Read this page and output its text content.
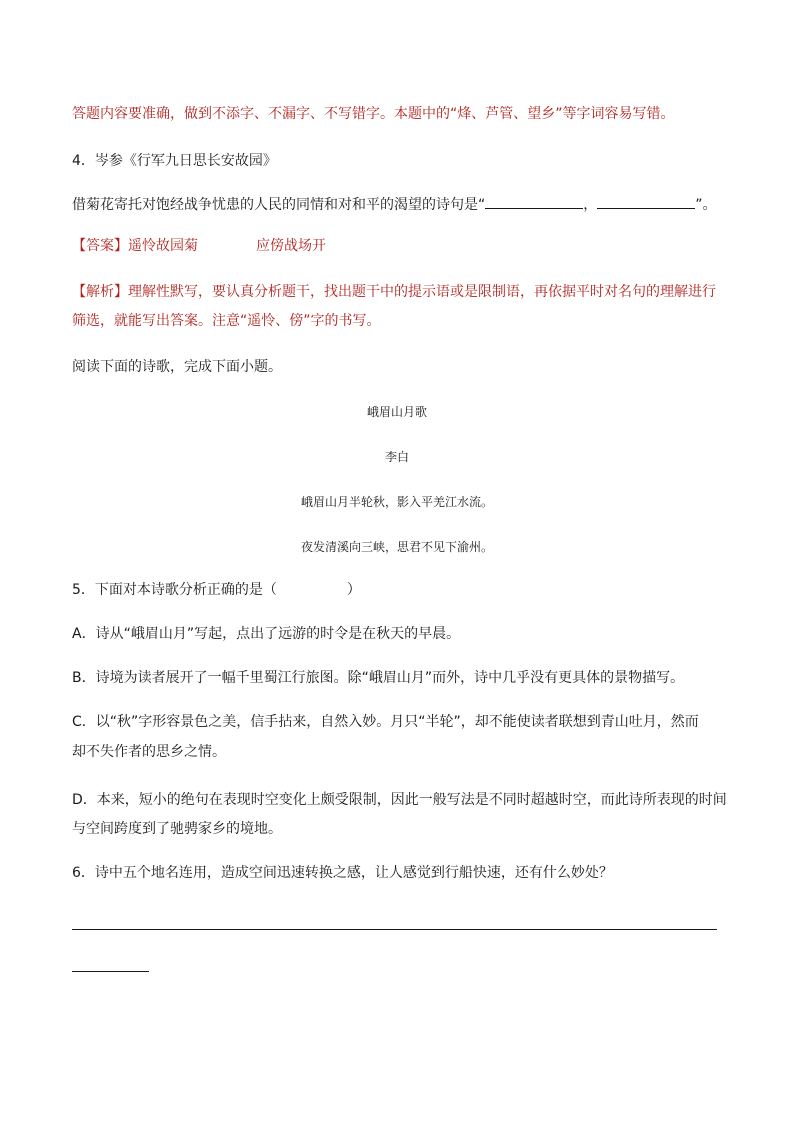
答题内容要准确，做到不添字、不漏字、不写错字。本题中的“烽、芦管、望乡”等字词容易写错。
4．岑参《行军九日思长安故园》
借菊花寄托对饱经战争忧患的人民的同情和对和平的渴望的诗句是“	，	”。
【答案】遥怜故园菊	应傍战场开
【解析】理解性默写，要认真分析题干，找出题干中的提示语或是限制语，再依据平时对名句的理解进行
筛选，就能写出答案。注意“遥怜、傍”字的书写。
阅读下面的诗歌，完成下面小题。
峨眉山月歌
李白
峨眉山月半轮秋，影入平羌江水流。
夜发清溪向三峡，思君不见下渝州。
5．下面对本诗歌分析正确的是（	）
A．诗从“峨眉山月”写起，点出了远游的时令是在秋天的早晨。
B．诗境为读者展开了一幅千里蜀江行旅图。除“峨眉山月”而外，诗中几乎没有更具体的景物描写。
C．以“秋”字形容景色之美，信手拈来，自然入妙。月只“半轮”，却不能使读者联想到青山吐月，然而
却不失作者的思乡之情。
D．本来，短小的绝句在表现时空变化上颇受限制，因此一般写法是不同时超越时空，而此诗所表现的时间
与空间跨度到了驰骋家乡的境地。
6．诗中五个地名连用，造成空间迅速转换之感，让人感觉到行船快速，还有什么妙处？
